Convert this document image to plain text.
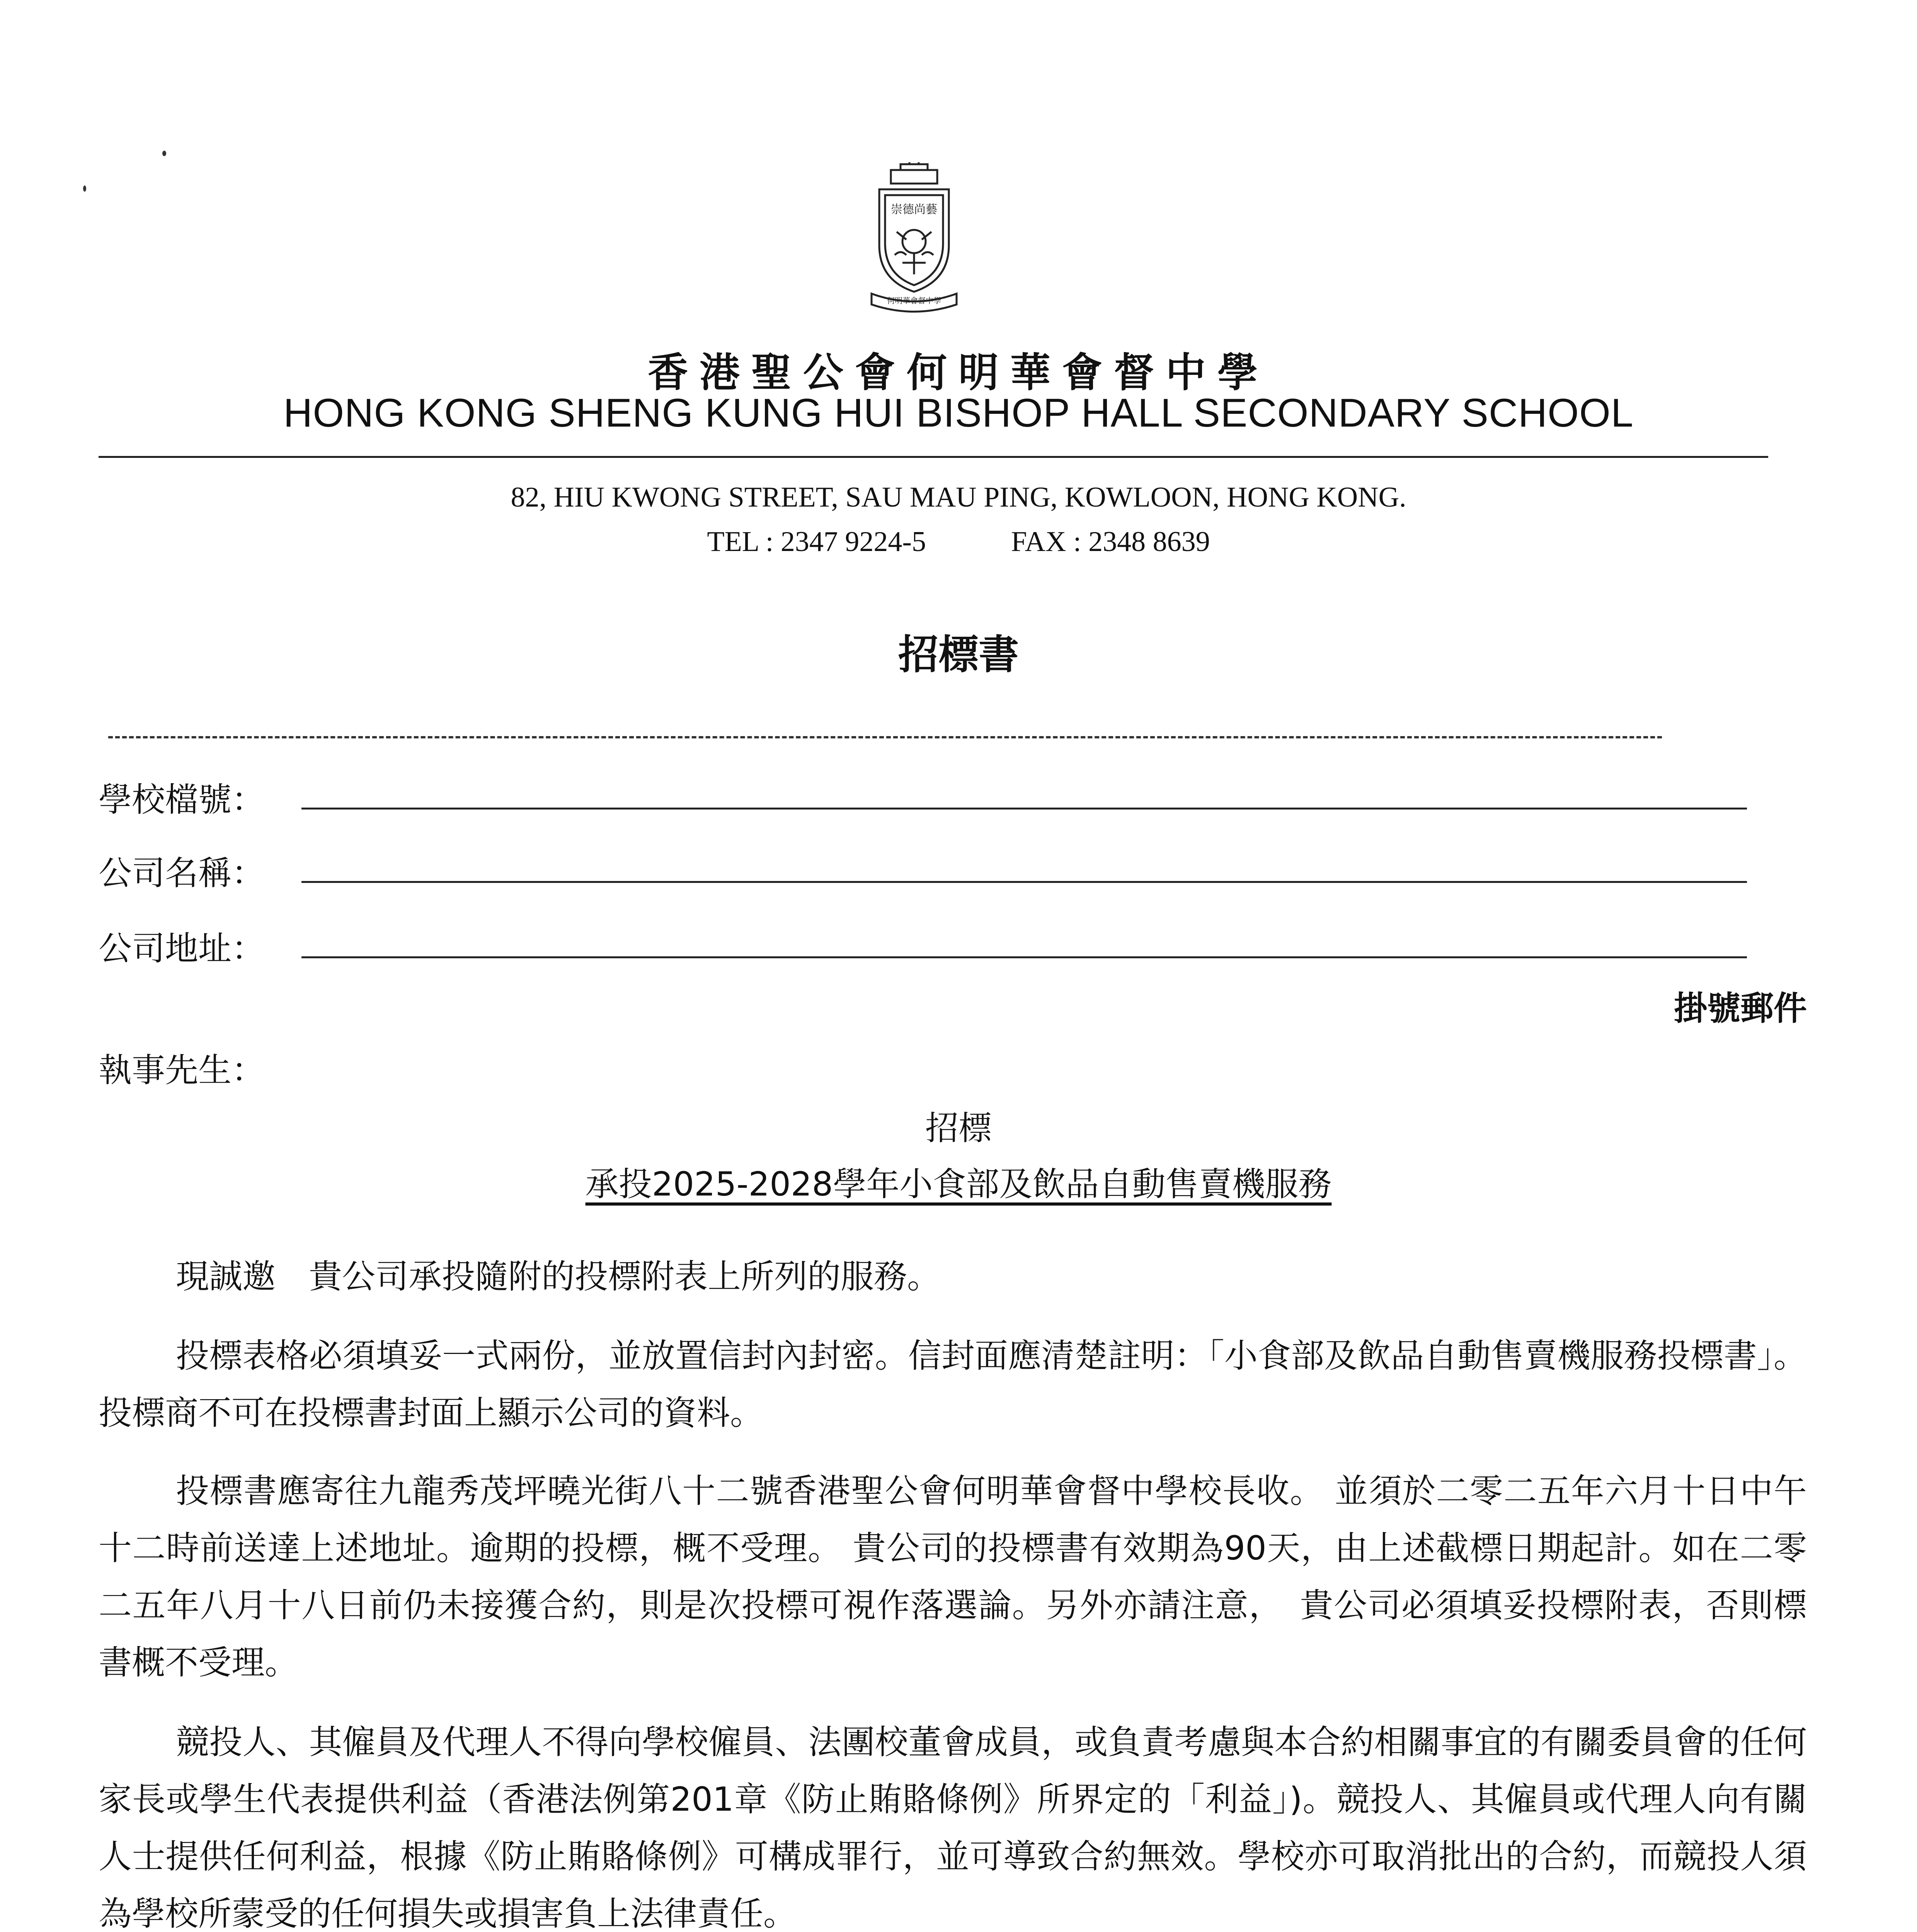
崇德尚藝
何明華會督中學
香港聖公會何明華會督中學
HONG KONG SHENG KUNG HUI BISHOP HALL SECONDARY SCHOOL
82, HIU KWONG STREET, SAU MAU PING, KOWLOON, HONG KONG.
TEL : 2347 9224-5	FAX : 2348 8639
招標書
學校檔號：
公司名稱：
公司地址：
掛號郵件
執事先生：
招標
承投2025-2028學年小食部及飲品自動售賣機服務

現誠邀　貴公司承投隨附的投標附表上所列的服務。

投標表格必須填妥一式兩份，並放置信封內封密。信封面應清楚註明：「小食部及飲品自動售賣機服務投標書」。投標商不可在投標書封面上顯示公司的資料。

投標書應寄往九龍秀茂坪曉光街八十二號香港聖公會何明華會督中學校長收。 並須於二零二五年六月十日中午十二時前送達上述地址。逾期的投標，概不受理。 貴公司的投標書有效期為90天，由上述截標日期起計。如在二零二五年八月十八日前仍未接獲合約，則是次投標可視作落選論。另外亦請注意，　貴公司必須填妥投標附表，否則標書概不受理。

競投人、其僱員及代理人不得向學校僱員、法團校董會成員，或負責考慮與本合約相關事宜的有關委員會的任何家長或學生代表提供利益（香港法例第201章《防止賄賂條例》所界定的「利益」)。競投人、其僱員或代理人向有關人士提供任何利益，根據《防止賄賂條例》可構成罪行，並可導致合約無效。學校亦可取消批出的合約，而競投人須為學校所蒙受的任何損失或損害負上法律責任。
